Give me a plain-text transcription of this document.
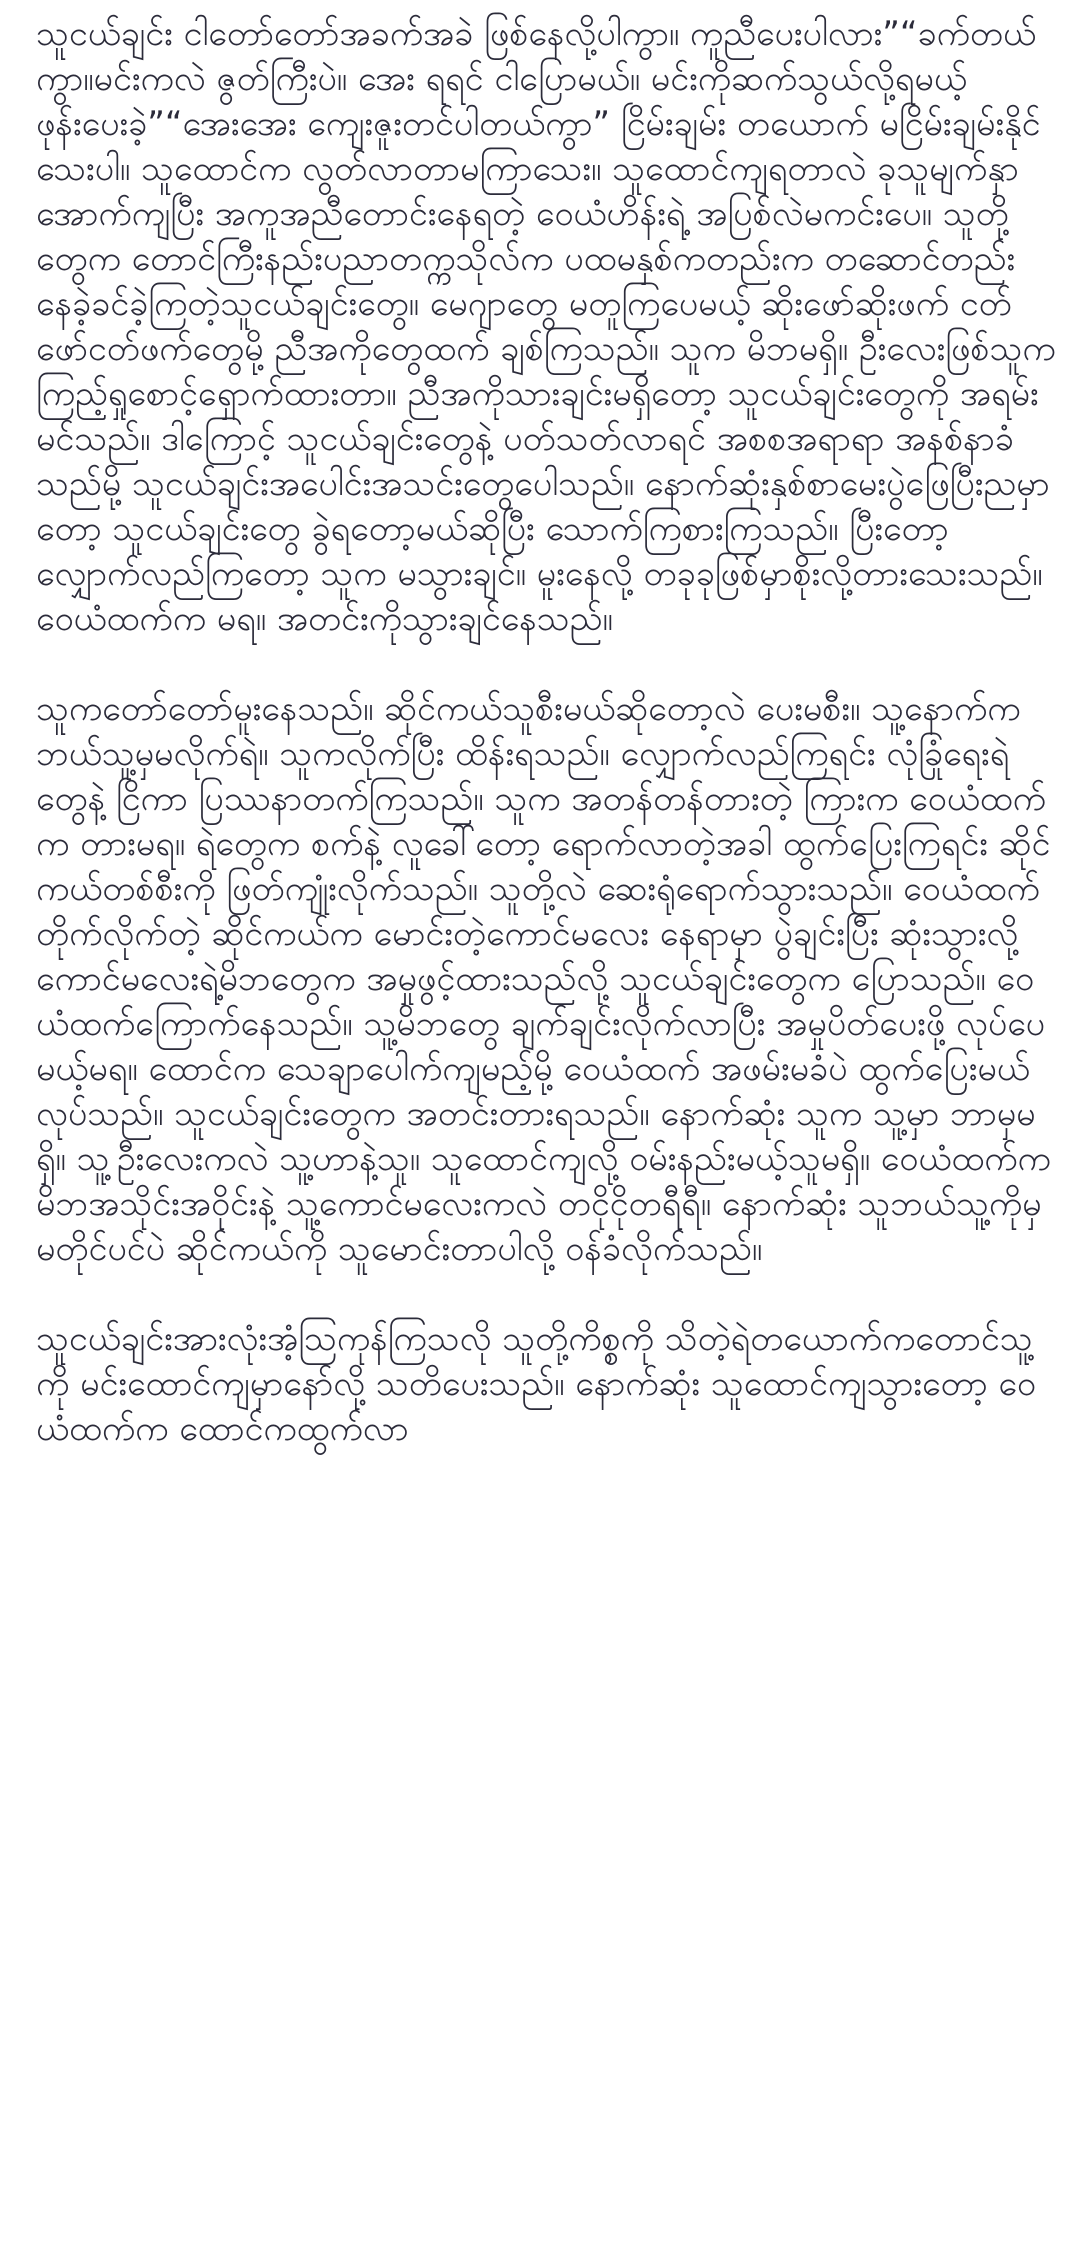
သူငယ်ချင်း ငါတော်တော်အခက်အခဲ ဖြစ်နေလို့ပါကွာ။ ကူညီပေးပါလား”“ခက်တယ်ကွာ။မင်းကလဲ ဇွတ်ကြီးပဲ။ အေး ရရင် ငါပြောမယ်။ မင်းကိုဆက်သွယ်လို့ရမယ့်ဖုန်းပေးခဲ့”“အေးအေး ကျေးဇူးတင်ပါတယ်ကွာ” ငြိမ်းချမ်း တယောက် မငြိမ်းချမ်းနိုင်သေးပါ။ သူထောင်က လွတ်လာတာမကြာသေး။ သူထောင်ကျရတာလဲ ခုသူမျက်နှာအောက်ကျပြီး အကူအညီတောင်းနေရတဲ့ ဝေယံဟိန်းရဲ့ အပြစ်လဲမကင်းပေ။ သူတို့တွေက တောင်ကြီးနည်းပညာတက္ကသိုလ်က ပထမနှစ်ကတည်းက တဆောင်တည်း နေခဲ့ခင်ခဲ့ကြတဲ့သူငယ်ချင်းတွေ။ မေဂျာတွေ မတူကြပေမယ့် ဆိုးဖော်ဆိုးဖက် ငတ်ဖော်ငတ်ဖက်တွေမို့ ညီအကိုတွေထက် ချစ်ကြသည်။ သူက မိဘမရှိ။ ဦးလေးဖြစ်သူက ကြည့်ရှုစောင့်ရှောက်ထားတာ။ ညီအကိုသားချင်းမရှိတော့ သူငယ်ချင်းတွေကို အရမ်းမင်သည်။ ဒါကြောင့် သူငယ်ချင်းတွေနဲ့ ပတ်သတ်လာရင် အစစအရာရာ အနစ်နာခံသည်မို့ သူငယ်ချင်းအပေါင်းအသင်းတွေပေါသည်။ နောက်ဆုံးနှစ်စာမေးပွဲဖြေပြီးညမှာတော့ သူငယ်ချင်းတွေ ခွဲရတော့မယ်ဆိုပြီး သောက်ကြစားကြသည်။ ပြီးတော့ လျှောက်လည်ကြတော့ သူက မသွားချင်။ မူးနေလို့ တခုခုဖြစ်မှာစိုးလို့တားသေးသည်။ဝေယံထက်က မရ။ အတင်းကိုသွားချင်နေသည်။

သူကတော်တော်မူးနေသည်။ ဆိုင်ကယ်သူစီးမယ်ဆိုတော့လဲ ပေးမစီး။ သူ့နောက်က ဘယ်သူ့မှမလိုက်ရဲ။ သူကလိုက်ပြီး ထိန်းရသည်။ လျှောက်လည်ကြရင်း လုံခြုံရေးရဲတွေနဲ့ ငြိကာ ပြဿနာတက်ကြသည်။ သူက အတန်တန်တားတဲ့ ကြားက ဝေယံထက်က တားမရ။ ရဲတွေက စက်နဲ့ လူခေါ်တော့ ရောက်လာတဲ့အခါ ထွက်ပြေးကြရင်း ဆိုင်ကယ်တစ်စီးကို ဖြတ်ကျုံးလိုက်သည်။ သူတို့လဲ ဆေးရုံရောက်သွားသည်။ ဝေယံထက်တိုက်လိုက်တဲ့ ဆိုင်ကယ်က မောင်းတဲ့ကောင်မလေး နေရာမှာ ပွဲချင်းပြီး ဆုံးသွားလို့ ကောင်မလေးရဲ့မိဘတွေက အမှုဖွင့်ထားသည်လို့ သူငယ်ချင်းတွေက ပြောသည်။ ဝေယံထက်ကြောက်နေသည်။ သူ့မိဘတွေ ချက်ချင်းလိုက်လာပြီး အမှုပိတ်ပေးဖို့ လုပ်ပေမယ့်မရ။ ထောင်က သေချာပေါက်ကျမည့်မို့ ဝေယံထက် အဖမ်းမခံပဲ ထွက်ပြေးမယ်လုပ်သည်။ သူငယ်ချင်းတွေက အတင်းတားရသည်။ နောက်ဆုံး သူက သူ့မှာ ဘာမှမရှိ။ သူ့ဦးလေးကလဲ သူ့ဟာနဲ့သူ။ သူထောင်ကျလို့ ဝမ်းနည်းမယ့်သူမရှိ။ ဝေယံထက်က မိဘအသိုင်းအဝိုင်းနဲ့ သူ့ကောင်မလေးကလဲ တငိုငိုတရီရီ။ နောက်ဆုံး သူဘယ်သူ့ကိုမှ မတိုင်ပင်ပဲ ဆိုင်ကယ်ကို သူမောင်းတာပါလို့ ဝန်ခံလိုက်သည်။

သူငယ်ချင်းအားလုံးအံ့သြကုန်ကြသလို သူတို့ကိစ္စကို သိတဲ့ရဲတယောက်ကတောင်သူ့ကို မင်းထောင်ကျမှာနော်လို့ သတိပေးသည်။ နောက်ဆုံး သူထောင်ကျသွားတော့ ဝေယံထက်က ထောင်ကထွက်လာ
